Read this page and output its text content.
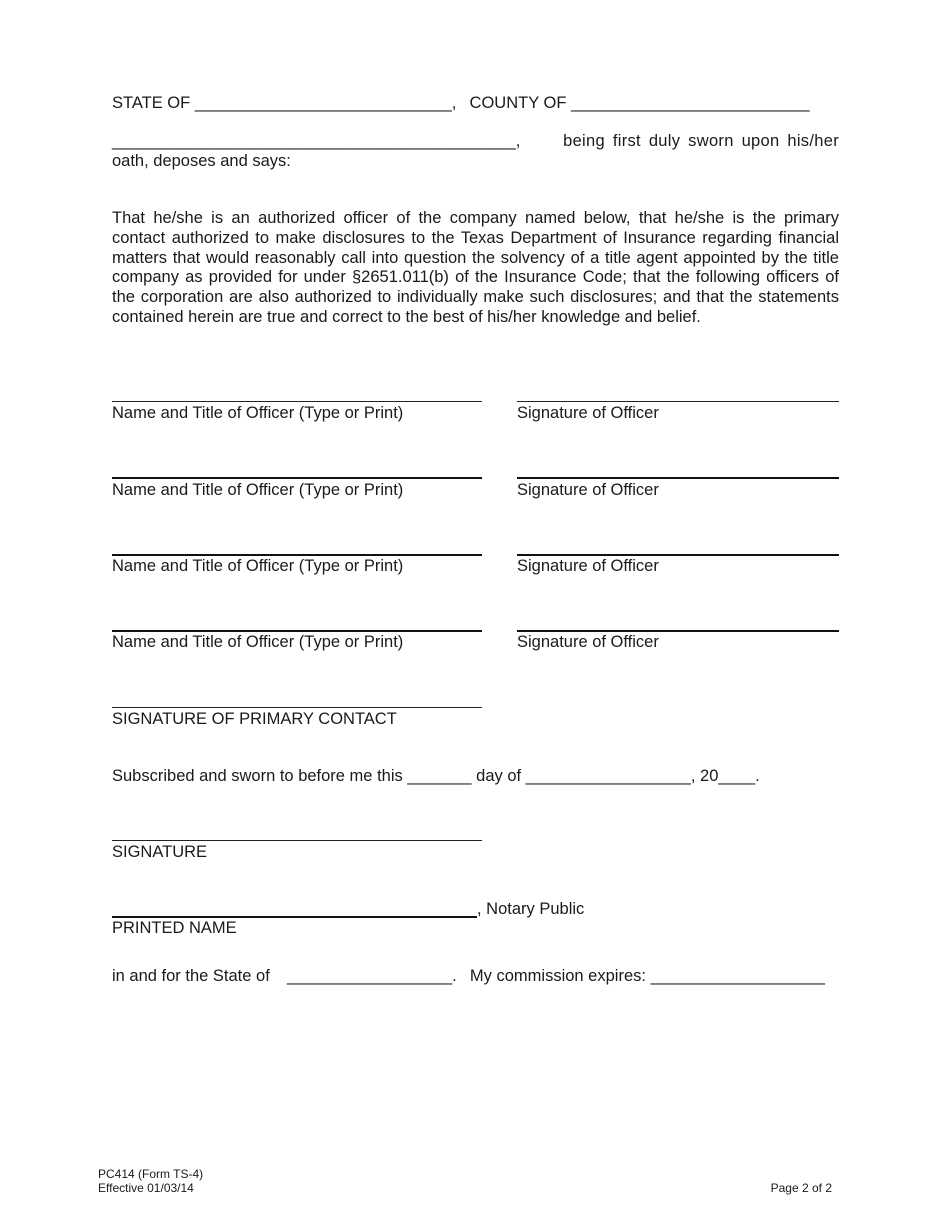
STATE OF ____________________________, COUNTY OF __________________________
____________________________________________,	being first duly sworn upon his/her
oath, deposes and says:
That he/she is an authorized officer of the company named below, that he/she is the primary contact authorized to make disclosures to the Texas Department of Insurance regarding financial matters that would reasonably call into question the solvency of a title agent appointed by the title company as provided for under §2651.011(b) of the Insurance Code; that the following officers of the corporation are also authorized to individually make such disclosures; and that the statements contained herein are true and correct to the best of his/her knowledge and belief.
Name and Title of Officer (Type or Print)	Signature of Officer
Name and Title of Officer (Type or Print)	Signature of Officer
Name and Title of Officer (Type or Print)	Signature of Officer
Name and Title of Officer (Type or Print)	Signature of Officer
SIGNATURE OF PRIMARY CONTACT
Subscribed and sworn to before me this _______ day of __________________, 20____.
SIGNATURE
, Notary Public
PRINTED NAME
in and for the State of __________________. My commission expires: ___________________
PC414 (Form TS-4)
Effective 01/03/14	Page 2 of 2
